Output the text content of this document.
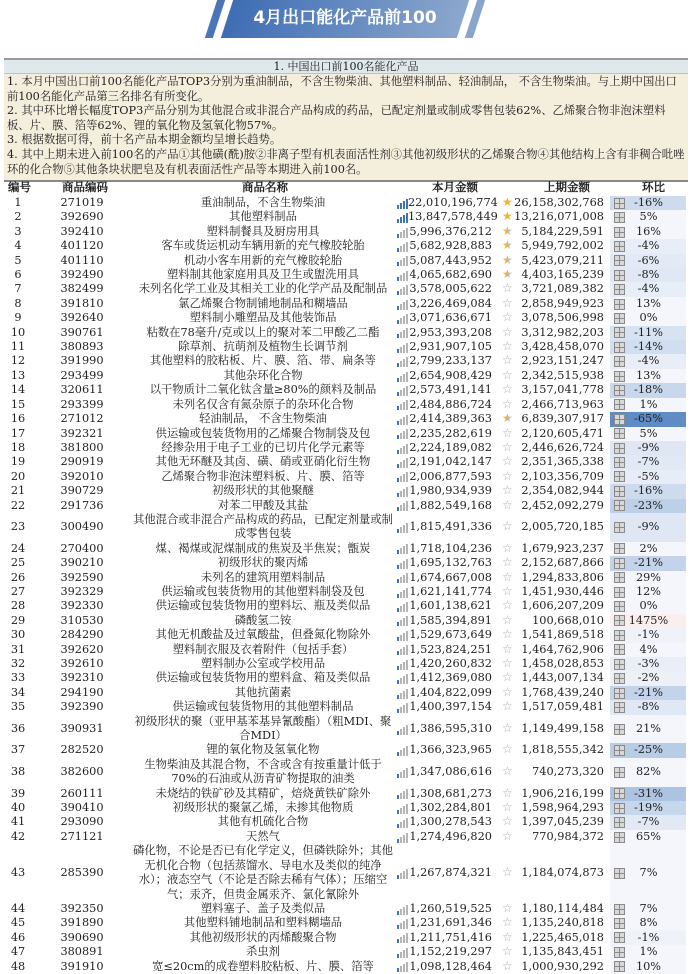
4月出口能化产品前100
1. 中国出口前100名能化产品
1. 本月中国出口前100名能化产品TOP3分别为重油制品，不含生物柴油、其他塑料制品、轻油制品， 不含生物柴油。与上期中国出口前100名能化产品第三名排名有所变化。
2. 其中环比增长幅度TOP3产品分别为其他混合或非混合产品构成的药品，已配定剂量或制成零售包装62%、乙烯聚合物非泡沫塑料板、片、膜、箔等62%、锂的氧化物及氢氧化物57%。
3. 根据数据可得，前十名产品本期金额均呈增长趋势。
4. 其中上期未进入前100名的产品①其他磺(酰)胺②非离子型有机表面活性剂③其他初级形状的乙烯聚合物④其他结构上含有非稠合吡唑环的化合物⑤其他条块状肥皂及有机表面活性产品等本期进入前100名。
编号	商品编码	商品名称	本月金额	上期金额	环比
1	271019	重油制品，不含生物柴油	22,010,196,774 ★ 26,158,302,768	-16%
2	392690	其他塑料制品	13,847,578,449 ★ 13,216,071,008	5%
3	392410	塑料制餐具及厨房用具	5,996,376,212 ★ 5,184,229,591	16%
4	401120	客车或货运机动车辆用新的充气橡胶轮胎	5,682,928,883 ★ 5,949,792,002	-4%
5	401110	机动小客车用新的充气橡胶轮胎	5,087,443,952 ★ 5,423,079,211	-6%
6	392490	塑料制其他家庭用具及卫生或盥洗用具	4,065,682,690 ★ 4,403,165,239	-8%
7	382499	未列名化学工业及其相关工业的化学产品及配制品	3,578,005,622 ☆ 3,721,089,382	-4%
8	391810	氯乙烯聚合物制铺地制品和糊墙品	3,226,469,084 ☆ 2,858,949,923	13%
9	392640	塑料制小雕塑品及其他装饰品	3,071,636,671 ☆ 3,078,506,998	0%
10	390761	粘数在78毫升/克或以上的聚对苯二甲酸乙二酯	2,953,393,208 ☆ 3,312,982,203	-11%
11	380893	除草剂、抗萌剂及植物生长调节剂	2,931,907,105 ☆ 3,428,458,070	-14%
12	391990	其他塑料的胶粘板、片、膜、箔、带、扁条等	2,799,233,137 ☆ 2,923,151,247	-4%
13	293499	其他杂环化合物	2,654,908,429 ☆ 2,342,515,938	13%
14	320611	以干物质计二氧化钛含量≥80%的颜料及制品	2,573,491,141 ☆ 3,157,041,778	-18%
15	293399	未列名仅含有氮杂原子的杂环化合物	2,484,886,724 ☆ 2,466,713,963	1%
16	271012	轻油制品， 不含生物柴油	2,414,389,363 ★ 6,839,307,917	-65%
17	392321	供运输或包装货物用的乙烯聚合物制袋及包	2,235,282,619 ☆ 2,120,605,471	5%
18	381800	经掺杂用于电子工业的已切片化学元素等	2,224,189,082 ☆ 2,446,626,724	-9%
19	290919	其他无环醚及其卤、磺、硝或亚硝化衍生物	2,191,042,147 ☆ 2,351,365,338	-7%
20	392010	乙烯聚合物非泡沫塑料板、片、膜、箔等	2,006,877,593 ☆ 2,103,356,709	-5%
21	390729	初级形状的其他聚醚	1,980,934,939 ☆ 2,354,082,944	-16%
22	291736	对苯二甲酸及其盐	1,882,549,168 ☆ 2,452,092,279	-23%
23	300490
其他混合或非混合产品构成的药品，已配定剂量或制成零售包装
1,815,491,336 ☆ 2,005,720,185	-9%
24	270400	煤、褐煤或泥煤制成的焦炭及半焦炭；甑炭	1,718,104,236 ☆ 1,679,923,237	2%
25	390210	初级形状的聚丙烯	1,695,132,763 ☆ 2,152,687,866	-21%
26	392590	未列名的建筑用塑料制品	1,674,667,008 ☆ 1,294,833,806	29%
27	392329	供运输或包装货物用的其他塑料制袋及包	1,621,141,774 ☆ 1,451,930,446	12%
28	392330	供运输或包装货物用的塑料坛、瓶及类似品	1,601,138,621 ☆ 1,606,207,209	0%
29	310530	磷酸氢二铵	1,585,394,891 ☆ 100,668,010	1475%
30	284290	其他无机酸盐及过氧酸盐，但叠氮化物除外	1,529,673,649 ☆ 1,541,869,518	-1%
31	392620	塑料制衣服及衣着附件（包括手套）	1,523,824,251 ☆ 1,464,762,906	4%
32	392610	塑料制办公室或学校用品	1,420,260,832 ☆ 1,458,028,853	-3%
33	392310	供运输或包装货物用的塑料盒、箱及类似品	1,412,369,080 ☆ 1,443,007,134	-2%
34	294190	其他抗菌素	1,404,822,099 ☆ 1,768,439,240	-21%
35	392390	供运输或包装货物用的其他塑料制品	1,400,397,154 ☆ 1,517,059,481	-8%
36	390931
初级形状的聚（亚甲基苯基异氰酸酯）（粗MDI、聚合MDI）
1,386,595,310 ☆ 1,149,499,158	21%
37	282520	锂的氧化物及氢氧化物	1,366,323,965 ☆ 1,818,555,342	-25%
38	382600
生物柴油及其混合物，不含或含有按重量计低于70%的石油或从沥青矿物提取的油类
1,347,086,616 ☆ 740,273,320	82%
39	260111	未烧结的铁矿砂及其精矿，焙烧黄铁矿除外	1,308,681,273 ☆ 1,906,216,199	-31%
40	390410	初级形状的聚氯乙烯，未掺其他物质	1,302,284,801 ☆ 1,598,964,293	-19%
41	293090	其他有机硫化合物	1,300,278,543 ☆ 1,397,045,239	-7%
42	271121	天然气	1,274,496,820 ☆ 770,984,372	65%
43	285390
磷化物，不论是否已有化学定义，但磷铁除外；其他无机化合物（包括蒸馏水、导电水及类似的纯净水）；液态空气（不论是否除去稀有气体）；压缩空气；汞齐，但贵金属汞齐、氯化氰除外
1,267,874,321 ☆ 1,184,074,873	7%
44	392350	塑料塞子、盖子及类似品	1,260,519,525 ☆ 1,180,114,484	7%
45	391890	其他塑料铺地制品和塑料糊墙品	1,231,691,346 ☆ 1,135,240,818	8%
46	390690	其他初级形状的丙烯酸聚合物	1,211,751,416 ☆ 1,225,465,018	-1%
47	380891	杀虫剂	1,152,219,297 ☆ 1,135,843,451	1%
48	391910	宽≤20cm的成卷塑料胶粘板、片、膜、箔等	1,098,128,464 ☆ 1,000,930,292	10%
